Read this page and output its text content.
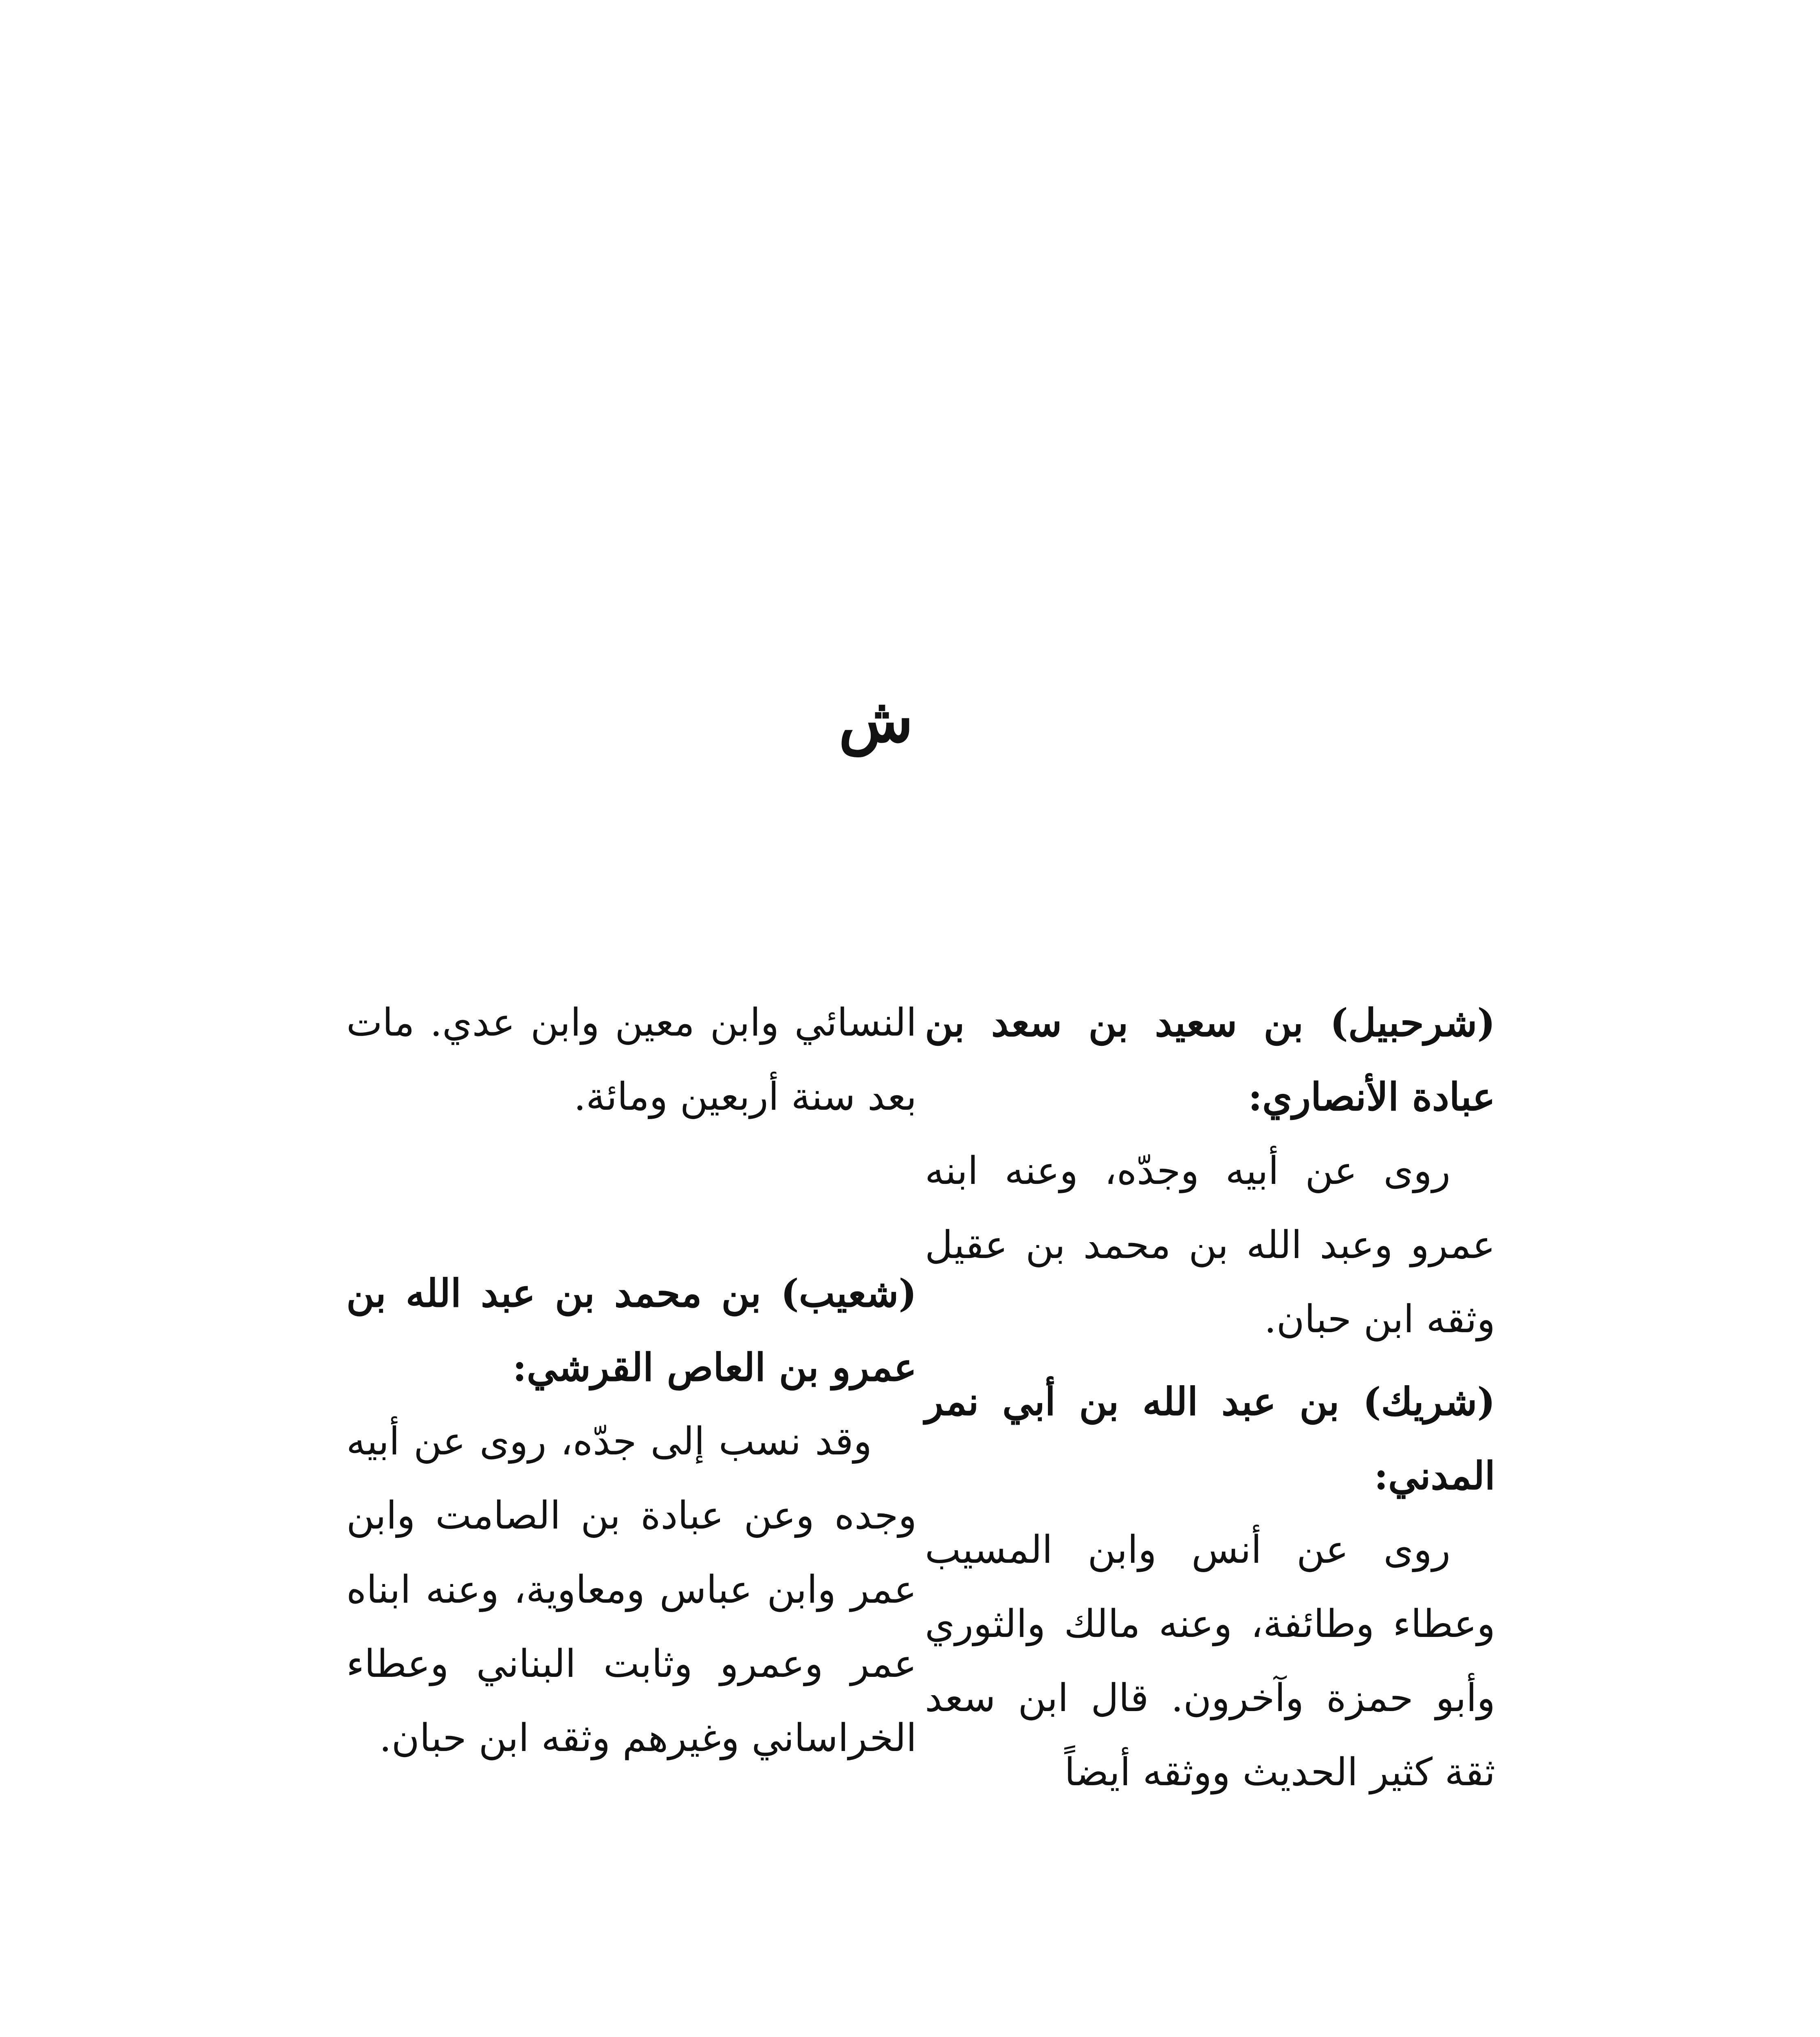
ش

(شرحبيل) بن سعيد بن سعد بن عبادة الأنصاري:
روى عن أبيه وجدّه، وعنه ابنه عمرو وعبد الله بن محمد بن عقيل وثقه ابن حبان.

(شريك) بن عبد الله بن أبي نمر المدني:
روى عن أنس وابن المسيب وعطاء وطائفة، وعنه مالك والثوري وأبو حمزة وآخرون. قال ابن سعد ثقة كثير الحديث ووثقه أيضاً

النسائي وابن معين وابن عدي. مات بعد سنة أربعين ومائة.

(شعيب) بن محمد بن عبد الله بن عمرو بن العاص القرشي:
وقد نسب إلى جدّه، روى عن أبيه وجده وعن عبادة بن الصامت وابن عمر وابن عباس ومعاوية، وعنه ابناه عمر وعمرو وثابت البناني وعطاء الخراساني وغيرهم وثقه ابن حبان.
